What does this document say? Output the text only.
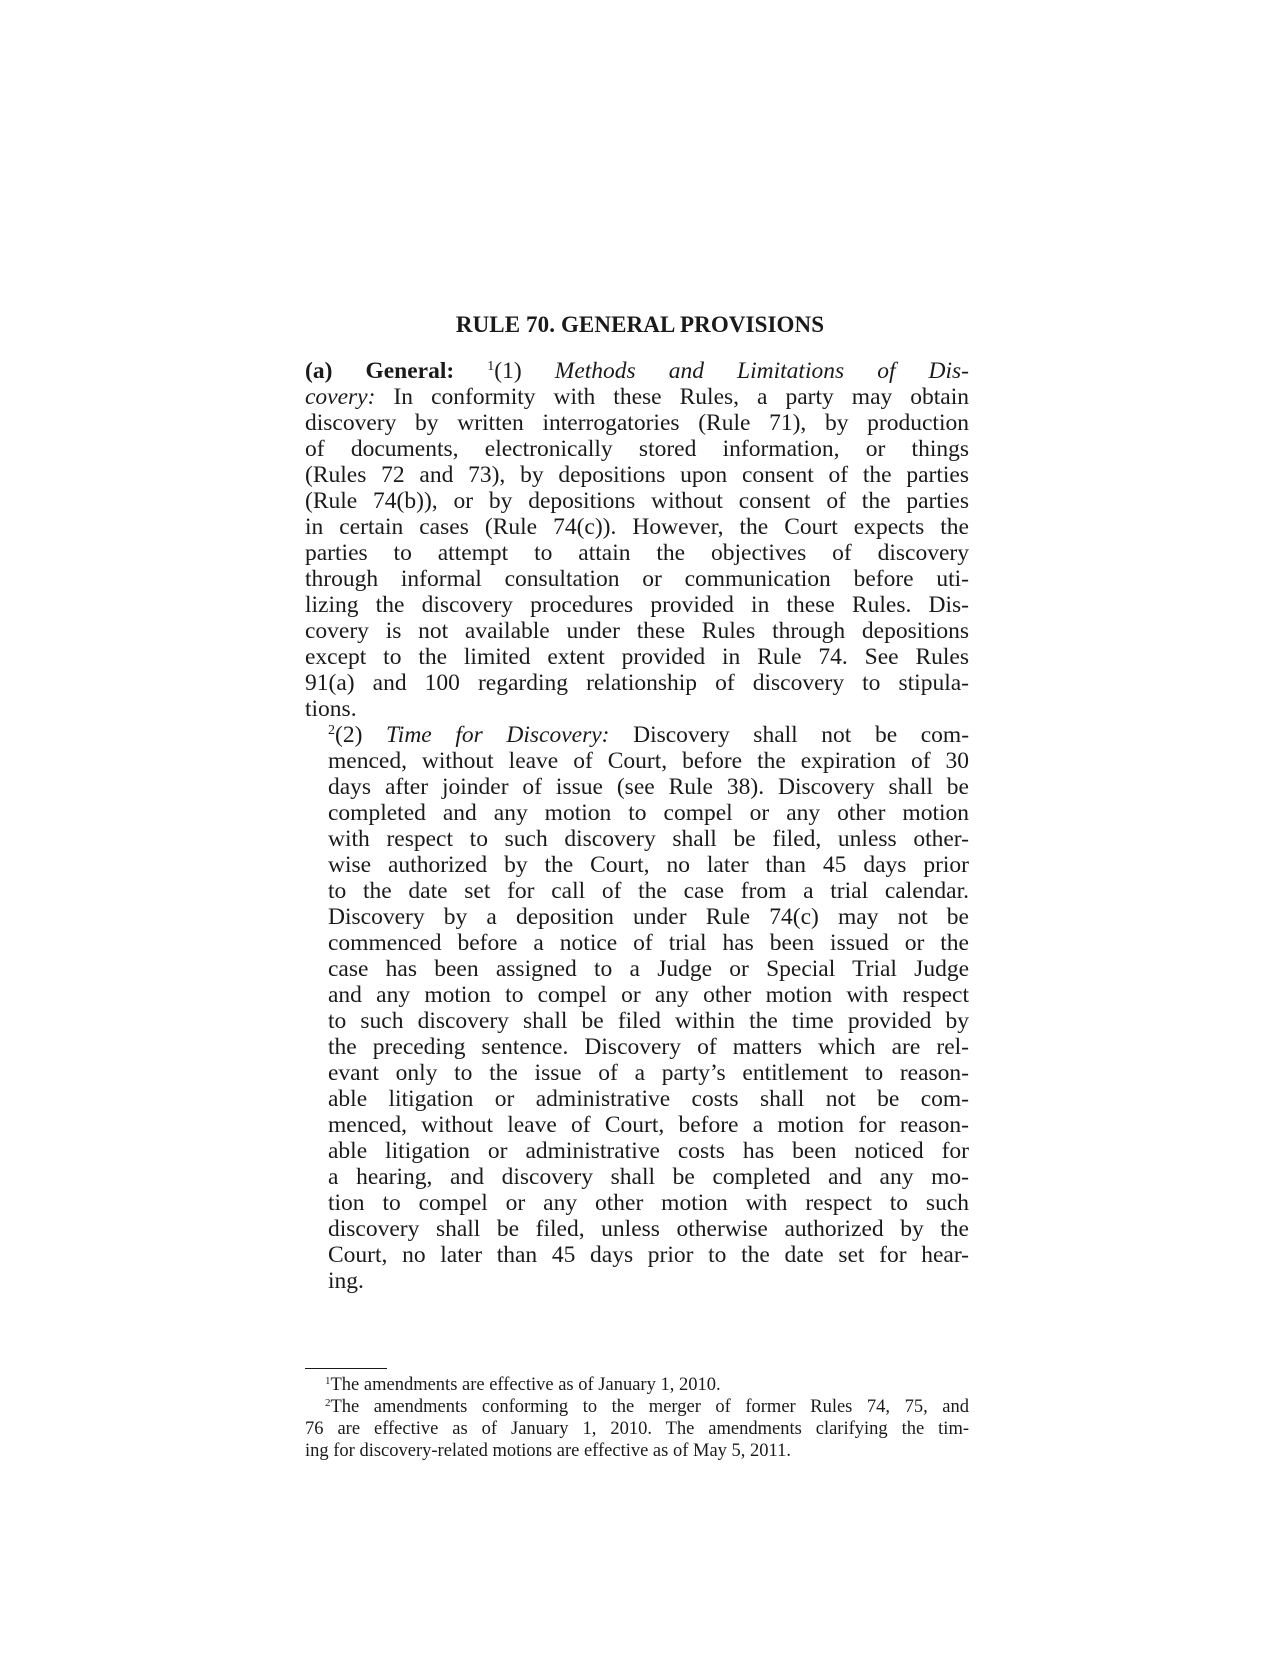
RULE 70. GENERAL PROVISIONS
(a) General: $^1$(1) Methods and Limitations of Dis-
covery: In conformity with these Rules, a party may obtain
discovery by written interrogatories (Rule 71), by production
of documents, electronically stored information, or things
(Rules 72 and 73), by depositions upon consent of the parties
(Rule 74(b)), or by depositions without consent of the parties
in certain cases (Rule 74(c)). However, the Court expects the
parties to attempt to attain the objectives of discovery
through informal consultation or communication before uti-
lizing the discovery procedures provided in these Rules. Dis-
covery is not available under these Rules through depositions
except to the limited extent provided in Rule 74. See Rules
91(a) and 100 regarding relationship of discovery to stipula-
tions.
$^2$(2) Time for Discovery: Discovery shall not be com-
menced, without leave of Court, before the expiration of 30
days after joinder of issue (see Rule 38). Discovery shall be
completed and any motion to compel or any other motion
with respect to such discovery shall be filed, unless other-
wise authorized by the Court, no later than 45 days prior
to the date set for call of the case from a trial calendar.
Discovery by a deposition under Rule 74(c) may not be
commenced before a notice of trial has been issued or the
case has been assigned to a Judge or Special Trial Judge
and any motion to compel or any other motion with respect
to such discovery shall be filed within the time provided by
the preceding sentence. Discovery of matters which are rel-
evant only to the issue of a party’s entitlement to reason-
able litigation or administrative costs shall not be com-
menced, without leave of Court, before a motion for reason-
able litigation or administrative costs has been noticed for
a hearing, and discovery shall be completed and any mo-
tion to compel or any other motion with respect to such
discovery shall be filed, unless otherwise authorized by the
Court, no later than 45 days prior to the date set for hear-
ing.
$^1$The amendments are effective as of January 1, 2010.
$^2$The amendments conforming to the merger of former Rules 74, 75, and
76 are effective as of January 1, 2010. The amendments clarifying the tim-
ing for discovery-related motions are effective as of May 5, 2011.
